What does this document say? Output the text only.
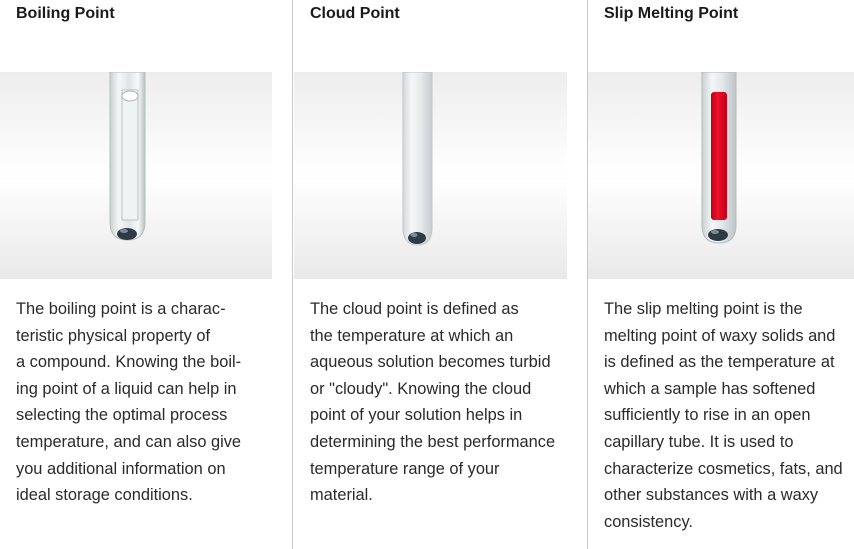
Boiling Point
The boiling point is a charac-
teristic physical property of
a compound. Knowing the boil-
ing point of a liquid can help in
selecting the optimal process
temperature, and can also give
you additional information on
ideal storage conditions.
Cloud Point
The cloud point is defined as
the temperature at which an
aqueous solution becomes turbid
or "cloudy". Knowing the cloud
point of your solution helps in
determining the best performance
temperature range of your
material.
Slip Melting Point
The slip melting point is the
melting point of waxy solids and
is defined as the temperature at
which a sample has softened
sufficiently to rise in an open
capillary tube. It is used to
characterize cosmetics, fats, and
other substances with a waxy
consistency.
